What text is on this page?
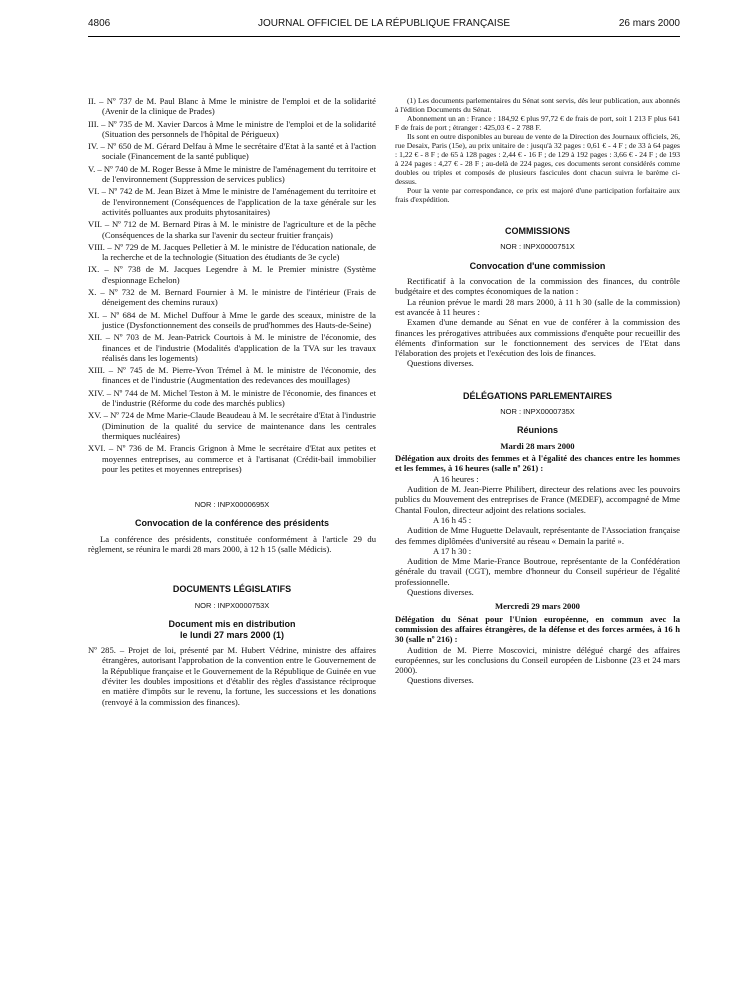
4806	JOURNAL OFFICIEL DE LA RÉPUBLIQUE FRANÇAISE	26 mars 2000

II. – Nº 737 de M. Paul Blanc à Mme le ministre de l'emploi et de la solidarité (Avenir de la clinique de Prades)

III. – Nº 735 de M. Xavier Darcos à Mme le ministre de l'emploi et de la solidarité (Situation des personnels de l'hôpital de Périgueux)

IV. – Nº 650 de M. Gérard Delfau à Mme le secrétaire d'Etat à la santé et à l'action sociale (Financement de la santé publique)

V. – Nº 740 de M. Roger Besse à Mme le ministre de l'aménagement du territoire et de l'environnement (Suppression de services publics)

VI. – Nº 742 de M. Jean Bizet à Mme le ministre de l'aménagement du territoire et de l'environnement (Conséquences de l'application de la taxe générale sur les activités polluantes aux produits phytosanitaires)

VII. – Nº 712 de M. Bernard Piras à M. le ministre de l'agriculture et de la pêche (Conséquences de la sharka sur l'avenir du secteur fruitier français)

VIII. – Nº 729 de M. Jacques Pelletier à M. le ministre de l'éducation nationale, de la recherche et de la technologie (Situation des étudiants de 3e cycle)

IX. – Nº 738 de M. Jacques Legendre à M. le Premier ministre (Système d'espionnage Echelon)

X. – Nº 732 de M. Bernard Fournier à M. le ministre de l'intérieur (Frais de déneigement des chemins ruraux)

XI. – Nº 684 de M. Michel Duffour à Mme le garde des sceaux, ministre de la justice (Dysfonctionnement des conseils de prud'hommes des Hauts-de-Seine)

XII. – Nº 703 de M. Jean-Patrick Courtois à M. le ministre de l'économie, des finances et de l'industrie (Modalités d'application de la TVA sur les travaux réalisés dans les logements)

XIII. – Nº 745 de M. Pierre-Yvon Trémel à M. le ministre de l'économie, des finances et de l'industrie (Augmentation des redevances des mouillages)

XIV. – Nº 744 de M. Michel Teston à M. le ministre de l'économie, des finances et de l'industrie (Réforme du code des marchés publics)

XV. – Nº 724 de Mme Marie-Claude Beaudeau à M. le secrétaire d'Etat à l'industrie (Diminution de la qualité du service de maintenance dans les centrales thermiques nucléaires)

XVI. – Nº 736 de M. Francis Grignon à Mme le secrétaire d'Etat aux petites et moyennes entreprises, au commerce et à l'artisanat (Crédit-bail immobilier pour les petites et moyennes entreprises)

NOR : INPX0000695X
Convocation de la conférence des présidents

La conférence des présidents, constituée conformément à l'article 29 du règlement, se réunira le mardi 28 mars 2000, à 12 h 15 (salle Médicis).

DOCUMENTS LÉGISLATIFS
NOR : INPX0000753X
Document mis en distribution
le lundi 27 mars 2000 (1)

Nº 285. – Projet de loi, présenté par M. Hubert Védrine, ministre des affaires étrangères, autorisant l'approbation de la convention entre le Gouvernement de la République française et le Gouvernement de la République de Guinée en vue d'éviter les doubles impositions et d'établir des règles d'assistance réciproque en matière d'impôts sur le revenu, la fortune, les successions et les donations (renvoyé à la commission des finances).

(1) Les documents parlementaires du Sénat sont servis, dès leur publication, aux abonnés à l'édition Documents du Sénat.

Abonnement un an : France : 184,92 € plus 97,72 € de frais de port, soit 1 213 F plus 641 F de frais de port ; étranger : 425,03 € - 2 788 F.

Ils sont en outre disponibles au bureau de vente de la Direction des Journaux officiels, 26, rue Desaix, Paris (15e), au prix unitaire de : jusqu'à 32 pages : 0,61 € - 4 F ; de 33 à 64 pages : 1,22 € - 8 F ; de 65 à 128 pages : 2,44 € - 16 F ; de 129 à 192 pages : 3,66 € - 24 F ; de 193 à 224 pages : 4,27 € - 28 F ; au-delà de 224 pages, ces documents seront considérés comme doubles ou triples et composés de plusieurs fascicules dont chacun suivra le barème ci-dessus.

Pour la vente par correspondance, ce prix est majoré d'une participation forfaitaire aux frais d'expédition.

COMMISSIONS
NOR : INPX0000751X
Convocation d'une commission

Rectificatif à la convocation de la commission des finances, du contrôle budgétaire et des comptes économiques de la nation :

La réunion prévue le mardi 28 mars 2000, à 11 h 30 (salle de la commission) est avancée à 11 heures :

Examen d'une demande au Sénat en vue de conférer à la commission des finances les prérogatives attribuées aux commissions d'enquête pour recueillir des éléments d'information sur le fonctionnement des services de l'Etat dans l'élaboration des projets et l'exécution des lois de finances.

Questions diverses.

DÉLÉGATIONS PARLEMENTAIRES
NOR : INPX0000735X
Réunions
Mardi 28 mars 2000

Délégation aux droits des femmes et à l'égalité des chances entre les hommes et les femmes, à 16 heures (salle nº 261) :

A 16 heures :

Audition de M. Jean-Pierre Philibert, directeur des relations avec les pouvoirs publics du Mouvement des entreprises de France (MEDEF), accompagné de Mme Chantal Foulon, directeur adjoint des relations sociales.

A 16 h 45 :

Audition de Mme Huguette Delavault, représentante de l'Association française des femmes diplômées d'université au réseau « Demain la parité ».

A 17 h 30 :

Audition de Mme Marie-France Boutroue, représentante de la Confédération générale du travail (CGT), membre d'honneur du Conseil supérieur de l'égalité professionnelle.

Questions diverses.

Mercredi 29 mars 2000

Délégation du Sénat pour l'Union européenne, en commun avec la commission des affaires étrangères, de la défense et des forces armées, à 16 h 30 (salle nº 216) :

Audition de M. Pierre Moscovici, ministre délégué chargé des affaires européennes, sur les conclusions du Conseil européen de Lisbonne (23 et 24 mars 2000).

Questions diverses.
